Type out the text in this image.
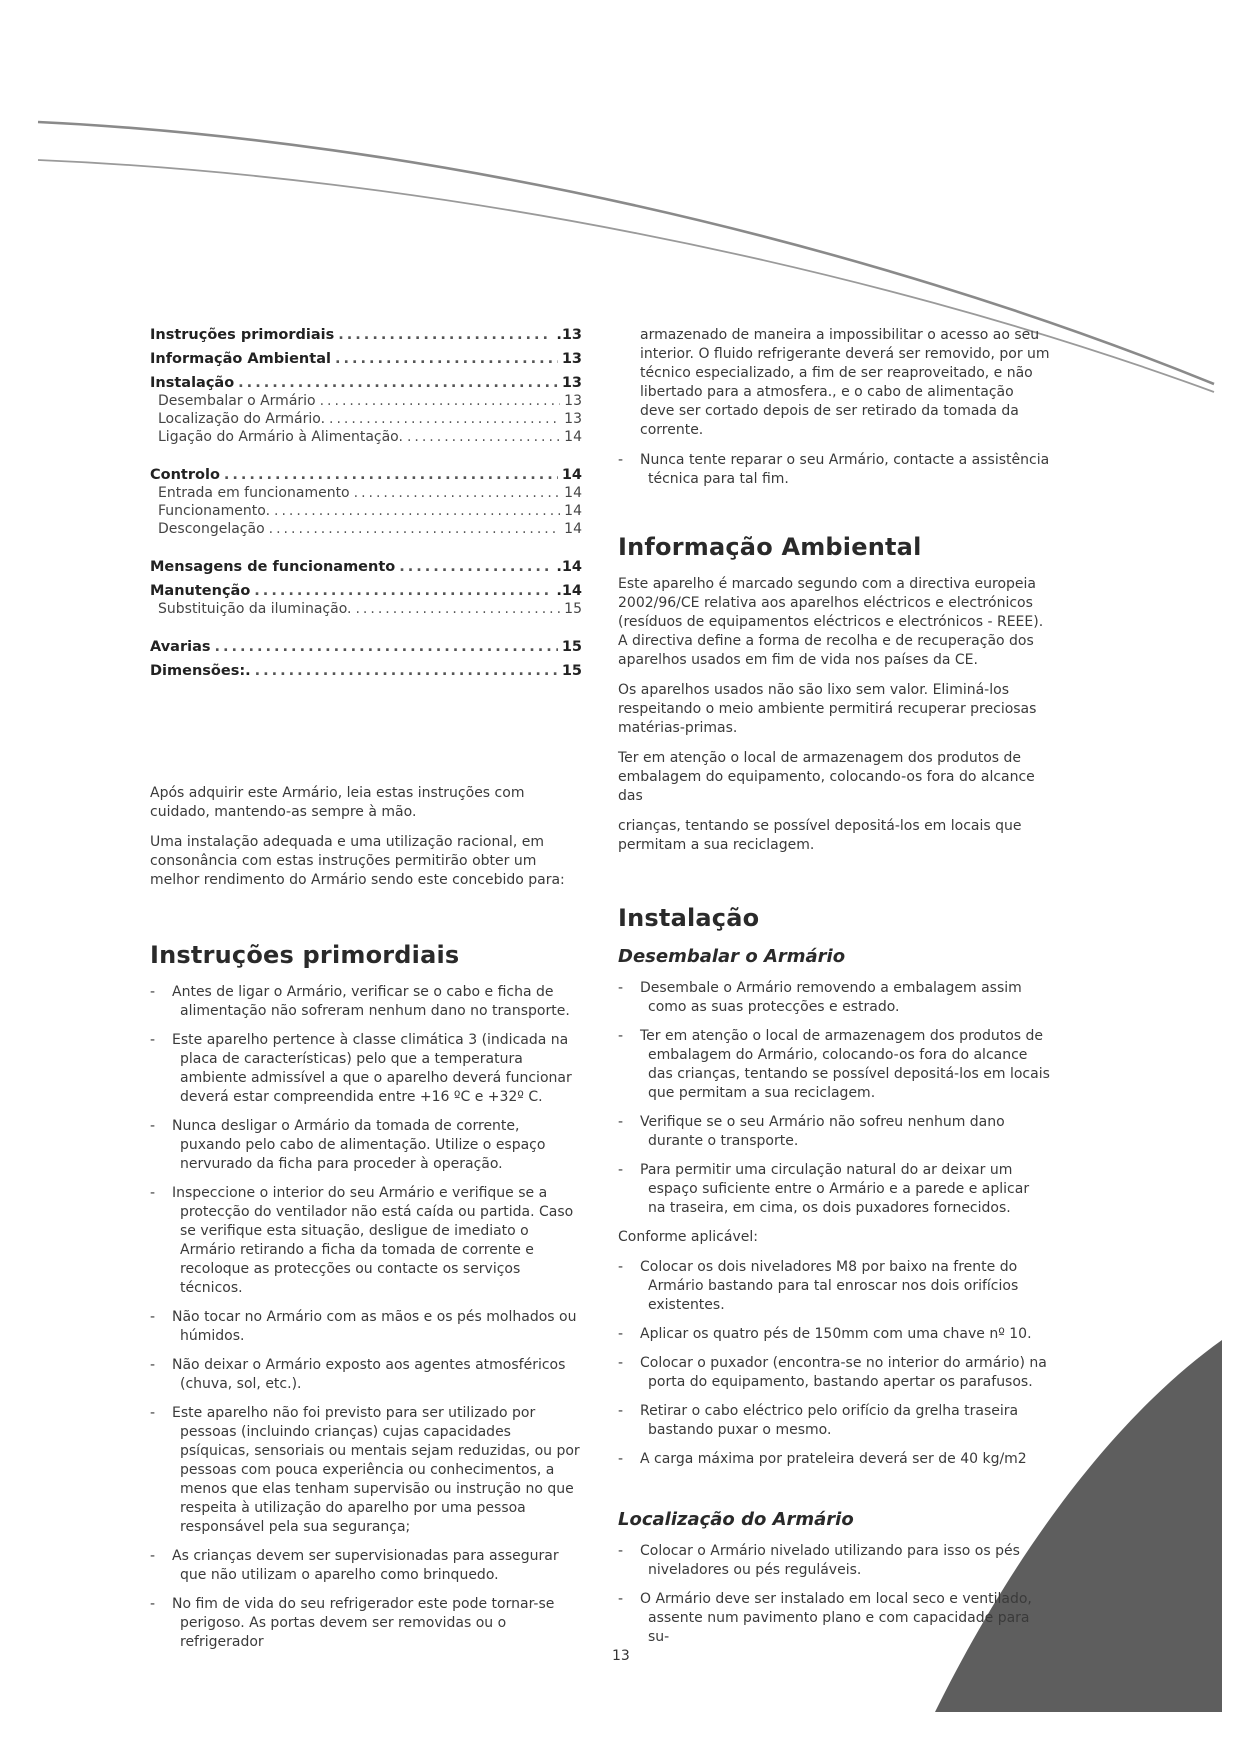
Instruções primordiais .....	.13
Informação Ambiental .....	13
Instalação .....	13
Desembalar o Armário .....	13
Localização do Armário. .....	13
Ligação do Armário à Alimentação. .....	14
Controlo .....	14
Entrada em funcionamento .....	14
Funcionamento. .....	14
Descongelação .....	14
Mensagens de funcionamento .....	.14
Manutenção .....	.14
Substituição da iluminação. .....	15
Avarias .....	15
Dimensões:. .....	15

Após adquirir este Armário, leia estas instruções com cuidado, mantendo-as sempre à mão.

Uma instalação adequada e uma utilização racional, em consonância com estas instruções permitirão obter um melhor rendimento do Armário sendo este concebido para:

Instruções primordiais
- Antes de ligar o Armário, verificar se o cabo e ficha de alimentação não sofreram nenhum dano no transporte.
- Este aparelho pertence à classe climática 3 (indicada na placa de características) pelo que a temperatura ambiente admissível a que o aparelho deverá funcionar deverá estar compreendida entre +16 ºC e +32º C.
- Nunca desligar o Armário da tomada de corrente, puxando pelo cabo de alimentação. Utilize o espaço nervurado da ficha para proceder à operação.
- Inspeccione o interior do seu Armário e verifique se a protecção do ventilador não está caída ou partida. Caso se verifique esta situação, desligue de imediato o Armário retirando a ficha da tomada de corrente e recoloque as protecções ou contacte os serviços técnicos.
- Não tocar no Armário com as mãos e os pés molhados ou húmidos.
- Não deixar o Armário exposto aos agentes atmosféricos (chuva, sol, etc.).
- Este aparelho não foi previsto para ser utilizado por pessoas (incluindo crianças) cujas capacidades psíquicas, sensoriais ou mentais sejam reduzidas, ou por pessoas com pouca experiência ou conhecimentos, a menos que elas tenham supervisão ou instrução no que respeita à utilização do aparelho por uma pessoa responsável pela sua segurança;
- As crianças devem ser supervisionadas para assegurar que não utilizam o aparelho como brinquedo.
- No fim de vida do seu refrigerador este pode tornar-se perigoso. As portas devem ser removidas ou o refrigerador

armazenado de maneira a impossibilitar o acesso ao seu interior. O fluido refrigerante deverá ser removido, por um técnico especializado, a fim de ser reaproveitado, e não libertado para a atmosfera., e o cabo de alimentação deve ser cortado depois de ser retirado da tomada da corrente.

- Nunca tente reparar o seu Armário, contacte a assistência técnica para tal fim.
Informação Ambiental

Este aparelho é marcado segundo com a directiva europeia 2002/96/CE relativa aos aparelhos eléctricos e electrónicos (resíduos de equipamentos eléctricos e electrónicos - REEE). A directiva define a forma de recolha e de recuperação dos aparelhos usados em fim de vida nos países da CE.

Os aparelhos usados não são lixo sem valor. Eliminá-los respeitando o meio ambiente permitirá recuperar preciosas matérias-primas.

Ter em atenção o local de armazenagem dos produtos de embalagem do equipamento, colocando-os fora do alcance das

crianças, tentando se possível depositá-los em locais que permitam a sua reciclagem.

Instalação
Desembalar o Armário
- Desembale o Armário removendo a embalagem assim como as suas protecções e estrado.
- Ter em atenção o local de armazenagem dos produtos de embalagem do Armário, colocando-os fora do alcance das crianças, tentando se possível depositá-los em locais que permitam a sua reciclagem.
- Verifique se o seu Armário não sofreu nenhum dano durante o transporte.
- Para permitir uma circulação natural do ar deixar um espaço suficiente entre o Armário e a parede e aplicar na traseira, em cima, os dois puxadores fornecidos.

Conforme aplicável:

- Colocar os dois niveladores M8 por baixo na frente do Armário bastando para tal enroscar nos dois orifícios existentes.
- Aplicar os quatro pés de 150mm com uma chave nº 10.
- Colocar o puxador (encontra-se no interior do armário) na porta do equipamento, bastando apertar os parafusos.
- Retirar o cabo eléctrico pelo orifício da grelha traseira bastando puxar o mesmo.
- A carga máxima por prateleira deverá ser de 40 kg/m2
Localização do Armário
- Colocar o Armário nivelado utilizando para isso os pés niveladores ou pés reguláveis.
- O Armário deve ser instalado em local seco e ventilado, assente num pavimento plano e com capacidade para su-
13
